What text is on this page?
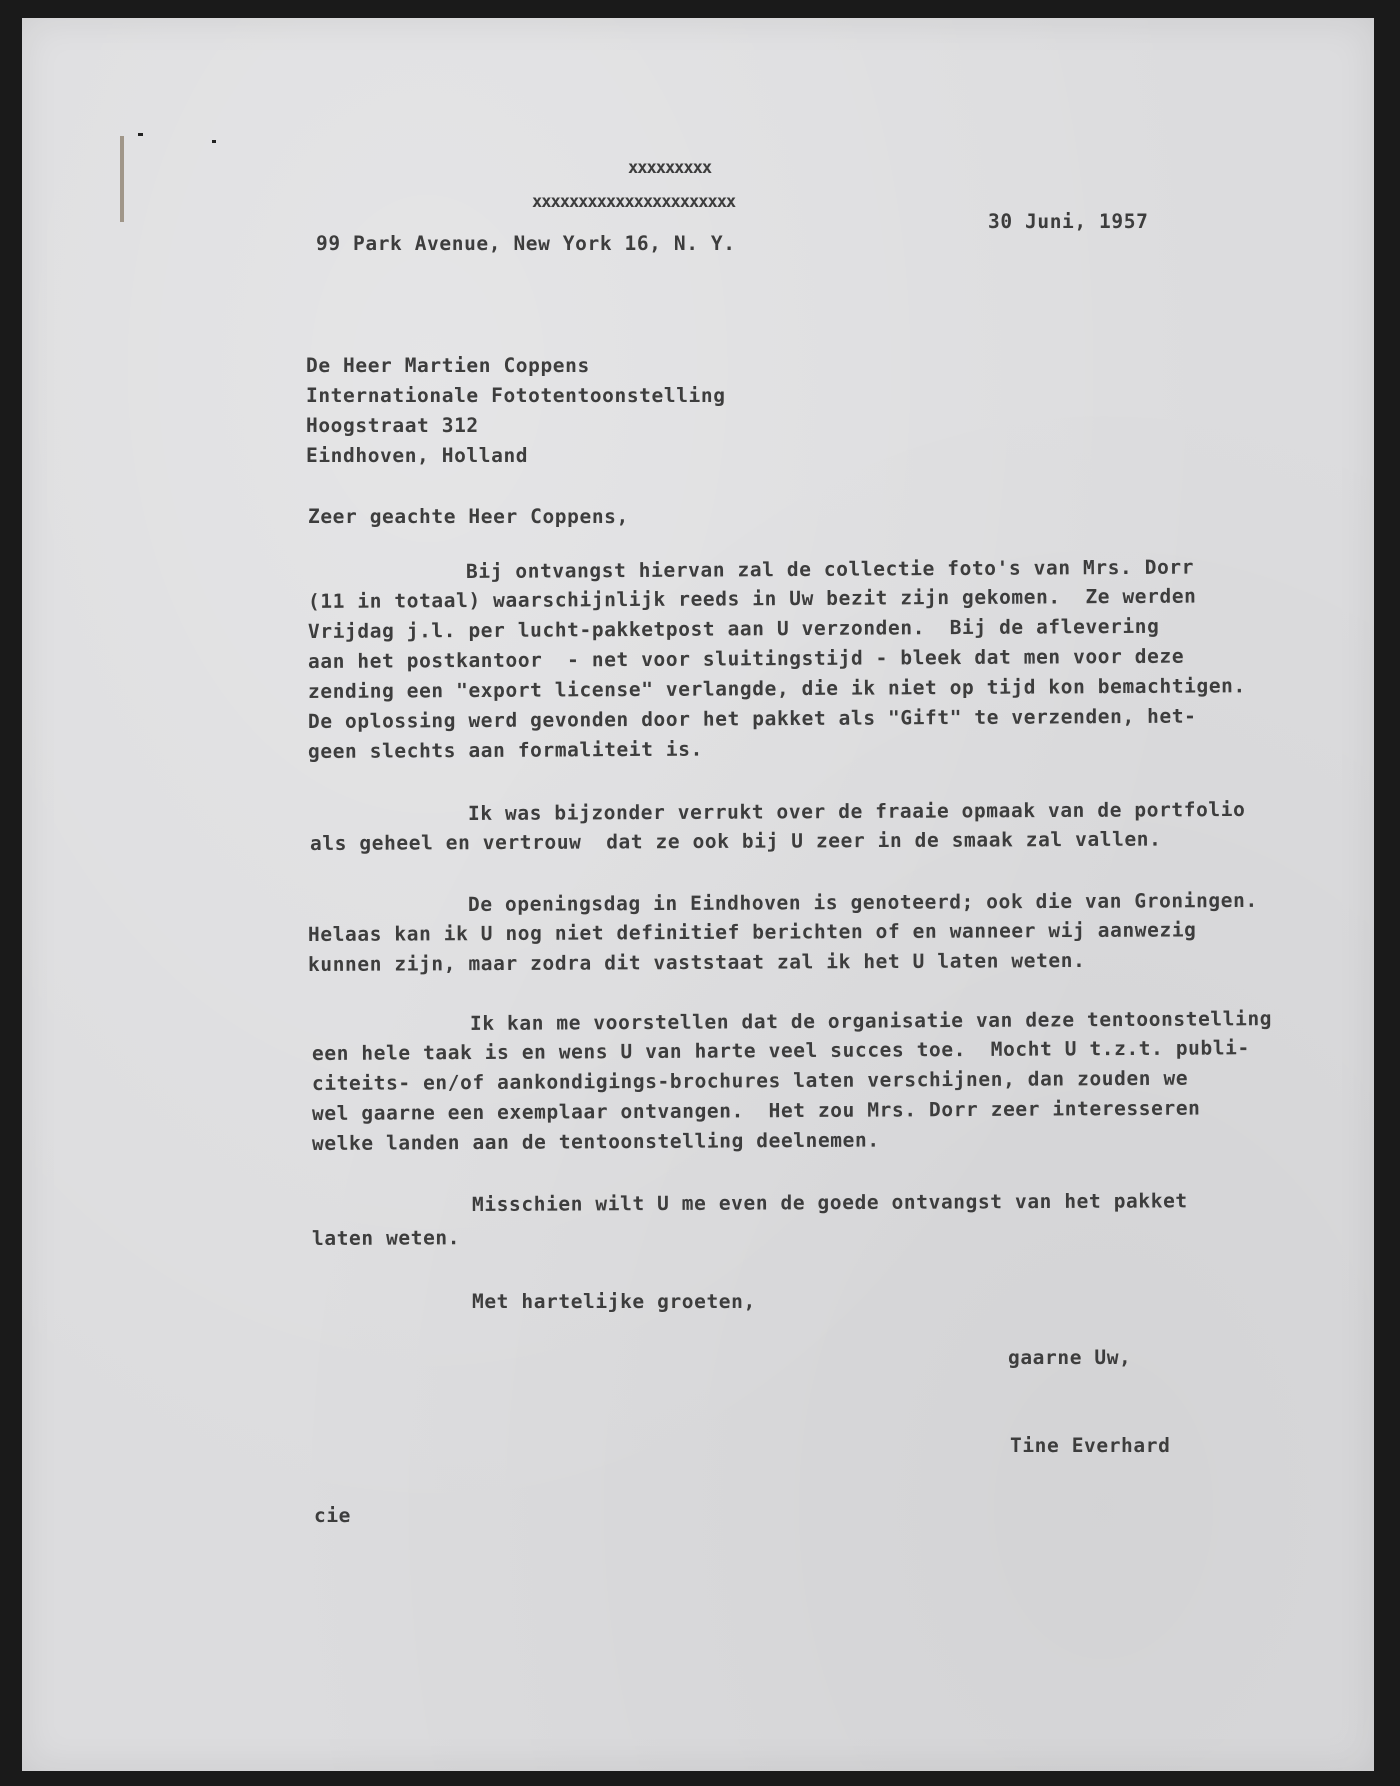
xxxxxxxxx
xxxxxxxxxxxxxxxxxxxxxx
99 Park Avenue, New York 16, N. Y.
30 Juni, 1957
De Heer Martien Coppens
Internationale Fototentoonstelling
Hoogstraat 312
Eindhoven, Holland
Zeer geachte Heer Coppens,
Bij ontvangst hiervan zal de collectie foto's van Mrs. Dorr
(11 in totaal) waarschijnlijk reeds in Uw bezit zijn gekomen.  Ze werden
Vrijdag j.l. per lucht-pakketpost aan U verzonden.  Bij de aflevering
aan het postkantoor  - net voor sluitingstijd - bleek dat men voor deze
zending een "export license" verlangde, die ik niet op tijd kon bemachtigen.
De oplossing werd gevonden door het pakket als "Gift" te verzenden, het-
geen slechts aan formaliteit is.
Ik was bijzonder verrukt over de fraaie opmaak van de portfolio
als geheel en vertrouw  dat ze ook bij U zeer in de smaak zal vallen.
De openingsdag in Eindhoven is genoteerd; ook die van Groningen.
Helaas kan ik U nog niet definitief berichten of en wanneer wij aanwezig
kunnen zijn, maar zodra dit vaststaat zal ik het U laten weten.
Ik kan me voorstellen dat de organisatie van deze tentoonstelling
een hele taak is en wens U van harte veel succes toe.  Mocht U t.z.t. publi-
citeits- en/of aankondigings-brochures laten verschijnen, dan zouden we
wel gaarne een exemplaar ontvangen.  Het zou Mrs. Dorr zeer interesseren
welke landen aan de tentoonstelling deelnemen.
Misschien wilt U me even de goede ontvangst van het pakket
laten weten.
Met hartelijke groeten,
gaarne Uw,
Tine Everhard
cie
